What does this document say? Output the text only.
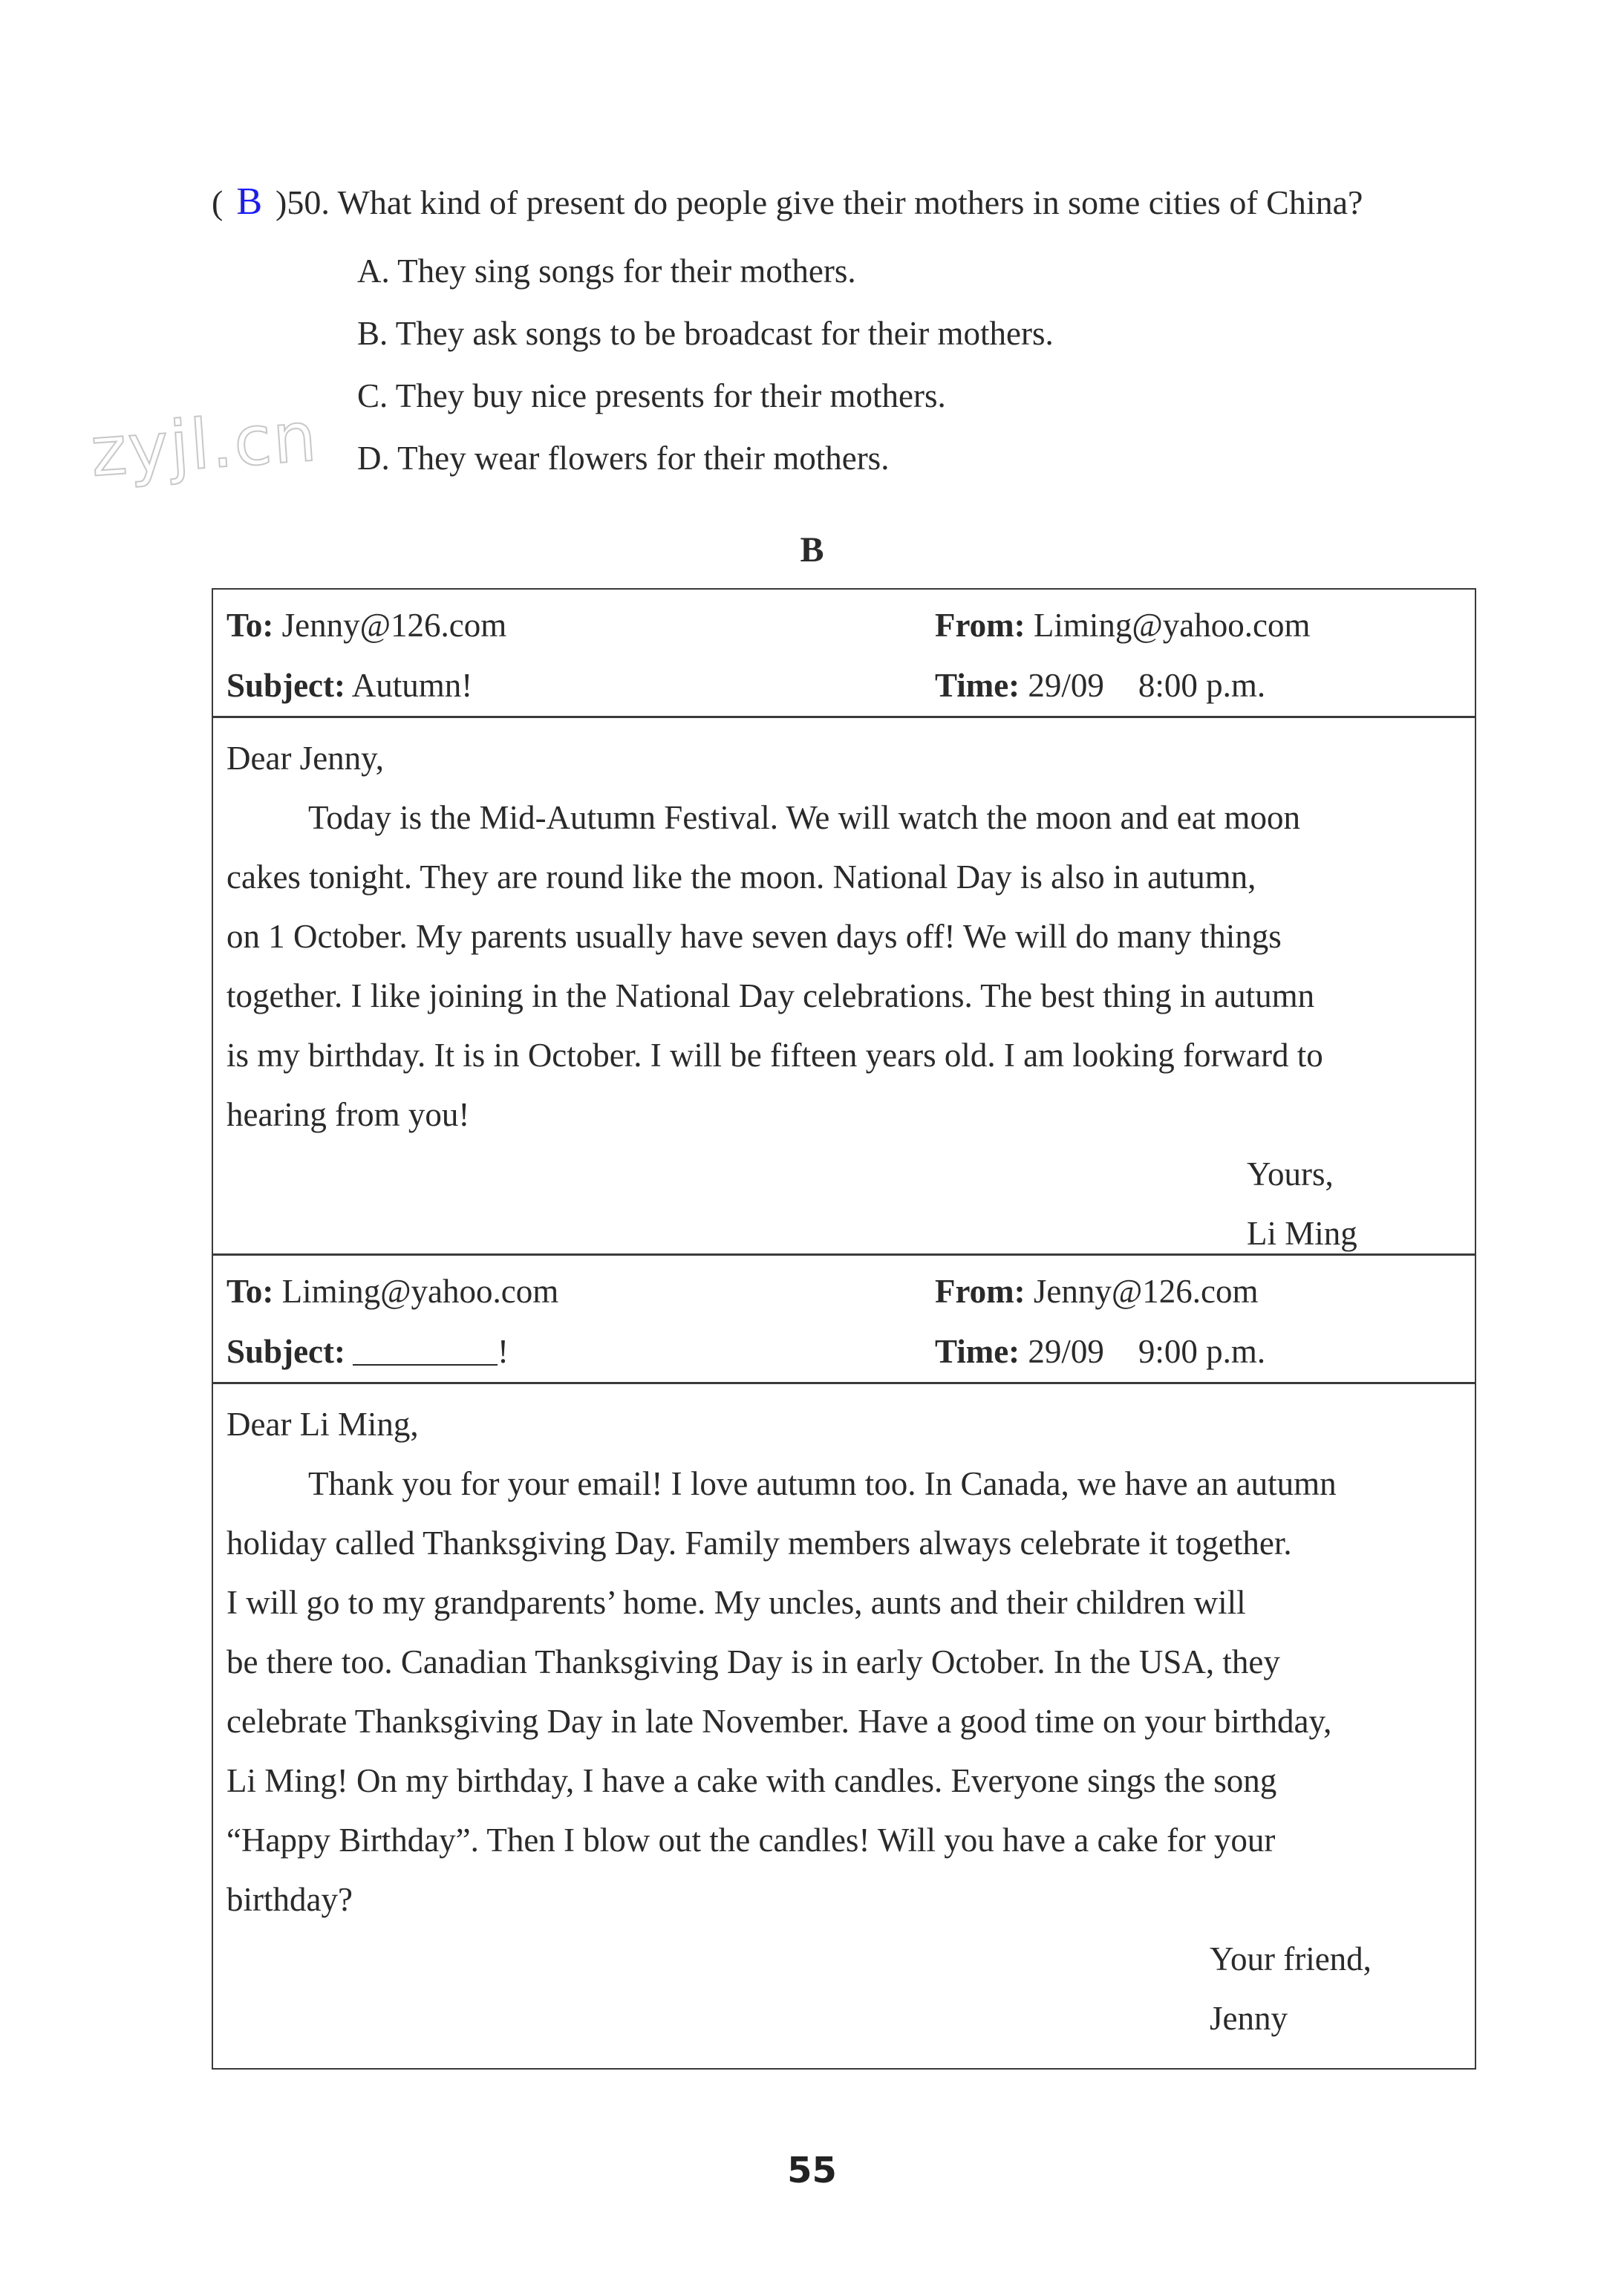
zyjl.cn
( B )50. What kind of present do people give their mothers in some cities of China?
A. They sing songs for their mothers.
B. They ask songs to be broadcast for their mothers.
C. They buy nice presents for their mothers.
D. They wear flowers for their mothers.
B
To: Jenny@126.com	From: Liming@yahoo.com
Subject: Autumn!	Time: 29/09 8:00 p.m.
Dear Jenny,
Today is the Mid-Autumn Festival. We will watch the moon and eat moon
cakes tonight. They are round like the moon. National Day is also in autumn,
on 1 October. My parents usually have seven days off! We will do many things
together. I like joining in the National Day celebrations. The best thing in autumn
is my birthday. It is in October. I will be fifteen years old. I am looking forward to
hearing from you!
Yours,
Li Ming
To: Liming@yahoo.com	From: Jenny@126.com
Subject:	!	Time: 29/09 9:00 p.m.
Dear Li Ming,
Thank you for your email! I love autumn too. In Canada, we have an autumn
holiday called Thanksgiving Day. Family members always celebrate it together.
I will go to my grandparents’ home. My uncles, aunts and their children will
be there too. Canadian Thanksgiving Day is in early October. In the USA, they
celebrate Thanksgiving Day in late November. Have a good time on your birthday,
Li Ming! On my birthday, I have a cake with candles. Everyone sings the song
“Happy Birthday”. Then I blow out the candles! Will you have a cake for your
birthday?
Your friend,
Jenny
55
